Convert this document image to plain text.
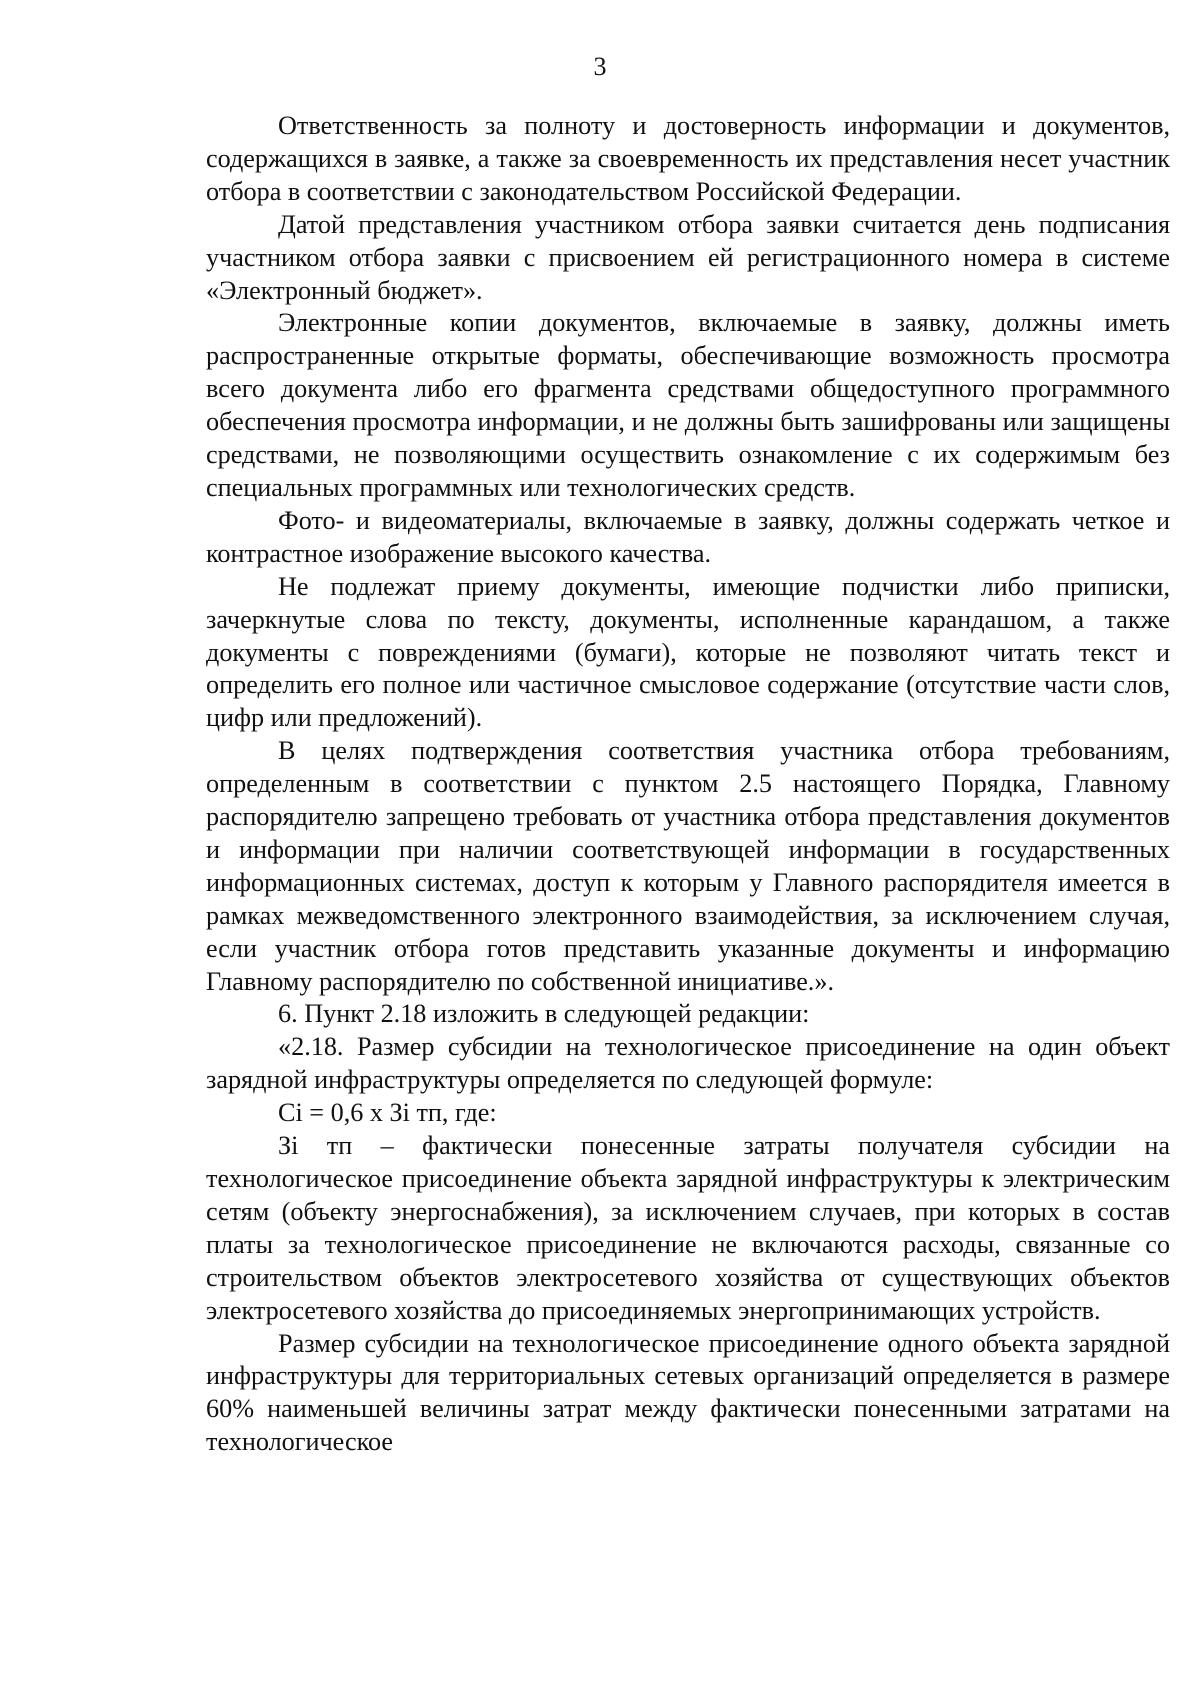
3

Ответственность за полноту и достоверность информации и документов, содержащихся в заявке, а также за своевременность их представления несет участник отбора в соответствии с законодательством Российской Федерации.

Датой представления участником отбора заявки считается день подписания участником отбора заявки с присвоением ей регистрационного номера в системе «Электронный бюджет».

Электронные копии документов, включаемые в заявку, должны иметь распространенные открытые форматы, обеспечивающие возможность просмотра всего документа либо его фрагмента средствами общедоступного программного обеспечения просмотра информации, и не должны быть зашифрованы или защищены средствами, не позволяющими осуществить ознакомление с их содержимым без специальных программных или технологических средств.

Фото- и видеоматериалы, включаемые в заявку, должны содержать четкое и контрастное изображение высокого качества.

Не подлежат приему документы, имеющие подчистки либо приписки, зачеркнутые слова по тексту, документы, исполненные карандашом, а также документы с повреждениями (бумаги), которые не позволяют читать текст и определить его полное или частичное смысловое содержание (отсутствие части слов, цифр или предложений).

В целях подтверждения соответствия участника отбора требованиям, определенным в соответствии с пунктом 2.5 настоящего Порядка, Главному распорядителю запрещено требовать от участника отбора представления документов и информации при наличии соответствующей информации в государственных информационных системах, доступ к которым у Главного распорядителя имеется в рамках межведомственного электронного взаимодействия, за исключением случая, если участник отбора готов представить указанные документы и информацию Главному распорядителю по собственной инициативе.».

6. Пункт 2.18 изложить в следующей редакции:

«2.18. Размер субсидии на технологическое присоединение на один объект зарядной инфраструктуры определяется по следующей формуле:

Сi = 0,6 х Зi тп, где:

Зi тп – фактически понесенные затраты получателя субсидии на технологическое присоединение объекта зарядной инфраструктуры к электрическим сетям (объекту энергоснабжения), за исключением случаев, при которых в состав платы за технологическое присоединение не включаются расходы, связанные со строительством объектов электросетевого хозяйства от существующих объектов электросетевого хозяйства до присоединяемых энергопринимающих устройств.

Размер субсидии на технологическое присоединение одного объекта зарядной инфраструктуры для территориальных сетевых организаций определяется в размере 60% наименьшей величины затрат между фактически понесенными затратами на технологическое
